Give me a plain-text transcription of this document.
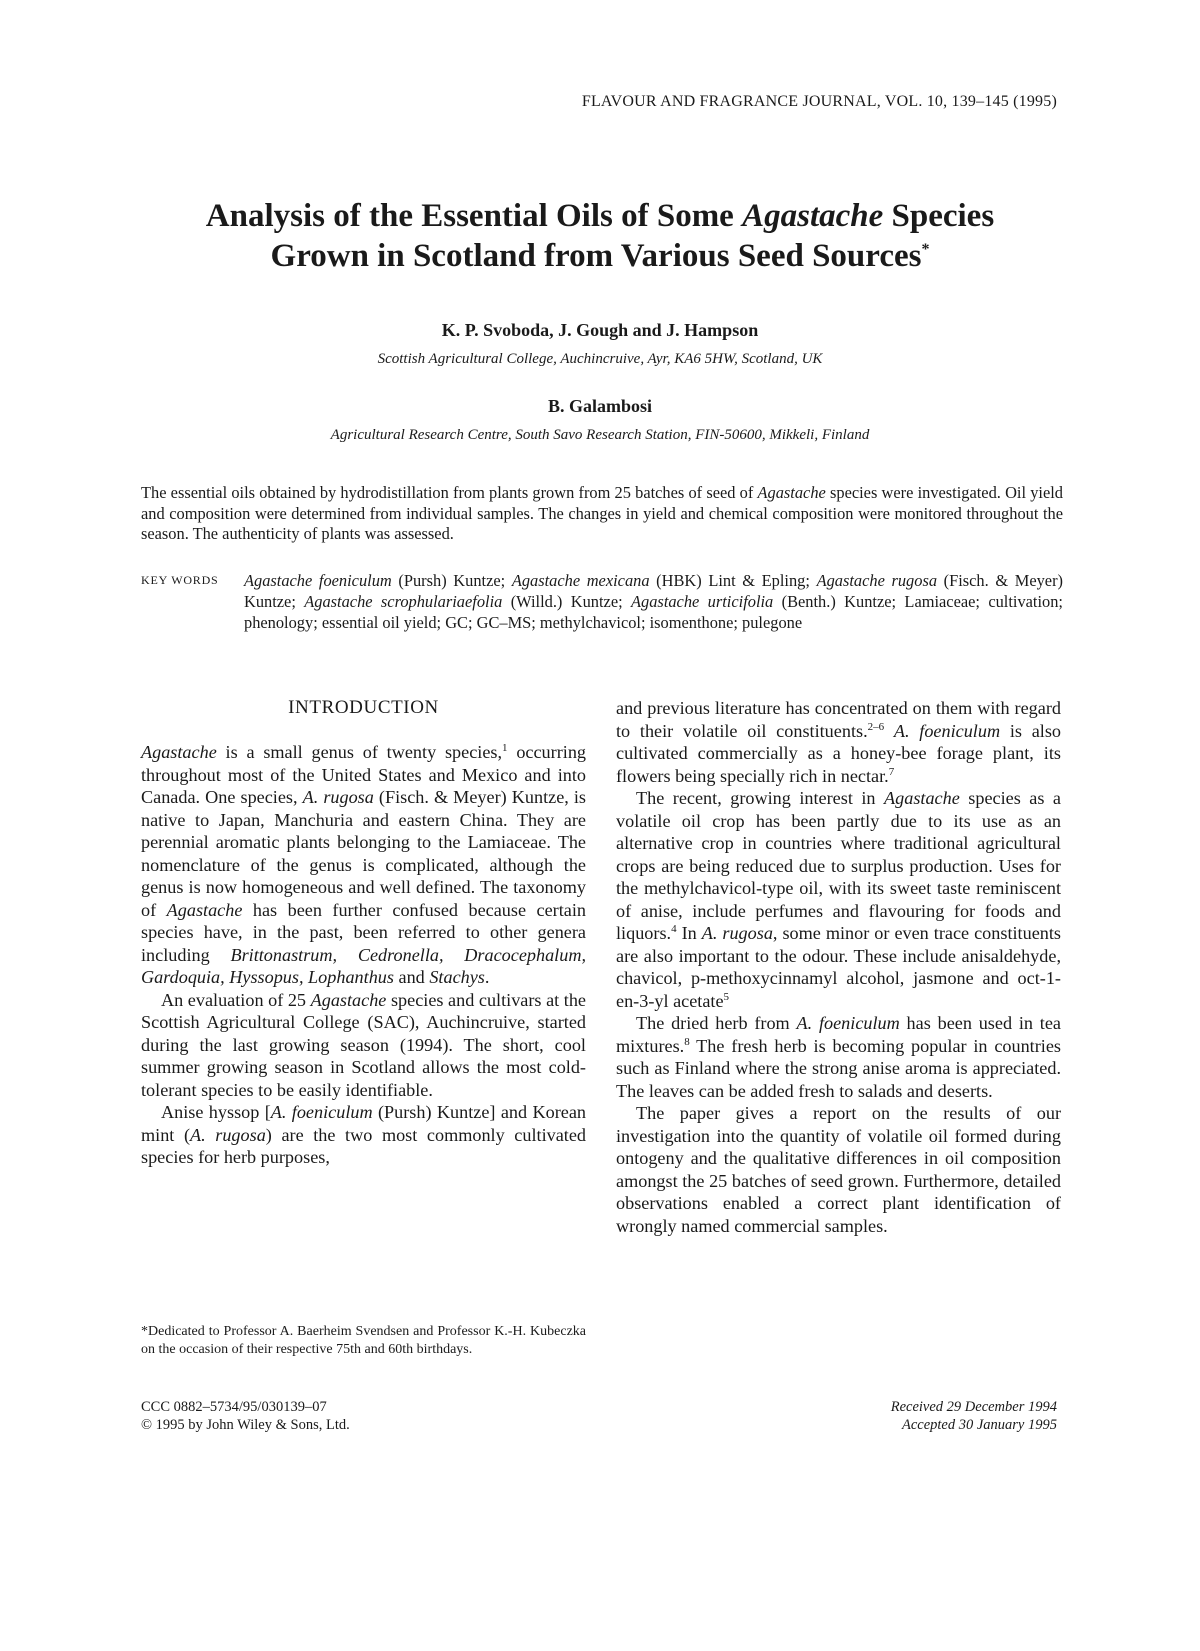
FLAVOUR AND FRAGRANCE JOURNAL, VOL. 10, 139–145 (1995)
Analysis of the Essential Oils of Some Agastache Species
Grown in Scotland from Various Seed Sources*
K. P. Svoboda, J. Gough and J. Hampson
Scottish Agricultural College, Auchincruive, Ayr, KA6 5HW, Scotland, UK
B. Galambosi
Agricultural Research Centre, South Savo Research Station, FIN-50600, Mikkeli, Finland
The essential oils obtained by hydrodistillation from plants grown from 25 batches of seed of Agastache species were investigated. Oil yield and composition were determined from individual samples. The changes in yield and chemical composition were monitored throughout the season. The authenticity of plants was assessed.
KEY WORDS Agastache foeniculum (Pursh) Kuntze; Agastache mexicana (HBK) Lint & Epling; Agastache rugosa (Fisch. & Meyer) Kuntze; Agastache scrophulariaefolia (Willd.) Kuntze; Agastache urticifolia (Benth.) Kuntze; Lamiaceae; cultivation; phenology; essential oil yield; GC; GC–MS; methylchavicol; isomenthone; pulegone
INTRODUCTION

Agastache is a small genus of twenty species,$^1$ occurring throughout most of the United States and Mexico and into Canada. One species, A. rugosa (Fisch. & Meyer) Kuntze, is native to Japan, Manchuria and eastern China. They are perennial aromatic plants belonging to the Lamiaceae. The nomenclature of the genus is complicated, although the genus is now homogeneous and well defined. The taxonomy of Agastache has been further confused because certain species have, in the past, been referred to other genera including Brittonastrum, Cedronella, Dracocephalum, Gardoquia, Hyssopus, Lophanthus and Stachys.

An evaluation of 25 Agastache species and cultivars at the Scottish Agricultural College (SAC), Auchincruive, started during the last growing season (1994). The short, cool summer growing season in Scotland allows the most cold-tolerant species to be easily identifiable.

Anise hyssop [A. foeniculum (Pursh) Kuntze] and Korean mint (A. rugosa) are the two most commonly cultivated species for herb purposes,

and previous literature has concentrated on them with regard to their volatile oil constituents.$^{2-6}$ A. foeniculum is also cultivated commercially as a honey-bee forage plant, its flowers being specially rich in nectar.$^7$

The recent, growing interest in Agastache species as a volatile oil crop has been partly due to its use as an alternative crop in countries where traditional agricultural crops are being reduced due to surplus production. Uses for the methylchavicol-type oil, with its sweet taste reminiscent of anise, include perfumes and flavouring for foods and liquors.$^4$ In A. rugosa, some minor or even trace constituents are also important to the odour. These include anisaldehyde, chavicol, p-methoxycinnamyl alcohol, jasmone and oct-1-en-3-yl acetate$^5$

The dried herb from A. foeniculum has been used in tea mixtures.$^8$ The fresh herb is becoming popular in countries such as Finland where the strong anise aroma is appreciated. The leaves can be added fresh to salads and deserts.

The paper gives a report on the results of our investigation into the quantity of volatile oil formed during ontogeny and the qualitative differences in oil composition amongst the 25 batches of seed grown. Furthermore, detailed observations enabled a correct plant identification of wrongly named commercial samples.

*Dedicated to Professor A. Baerheim Svendsen and Professor K.-H. Kubeczka on the occasion of their respective 75th and 60th birthdays.
CCC 0882–5734/95/030139–07
© 1995 by John Wiley & Sons, Ltd.
Received 29 December 1994
Accepted 30 January 1995
